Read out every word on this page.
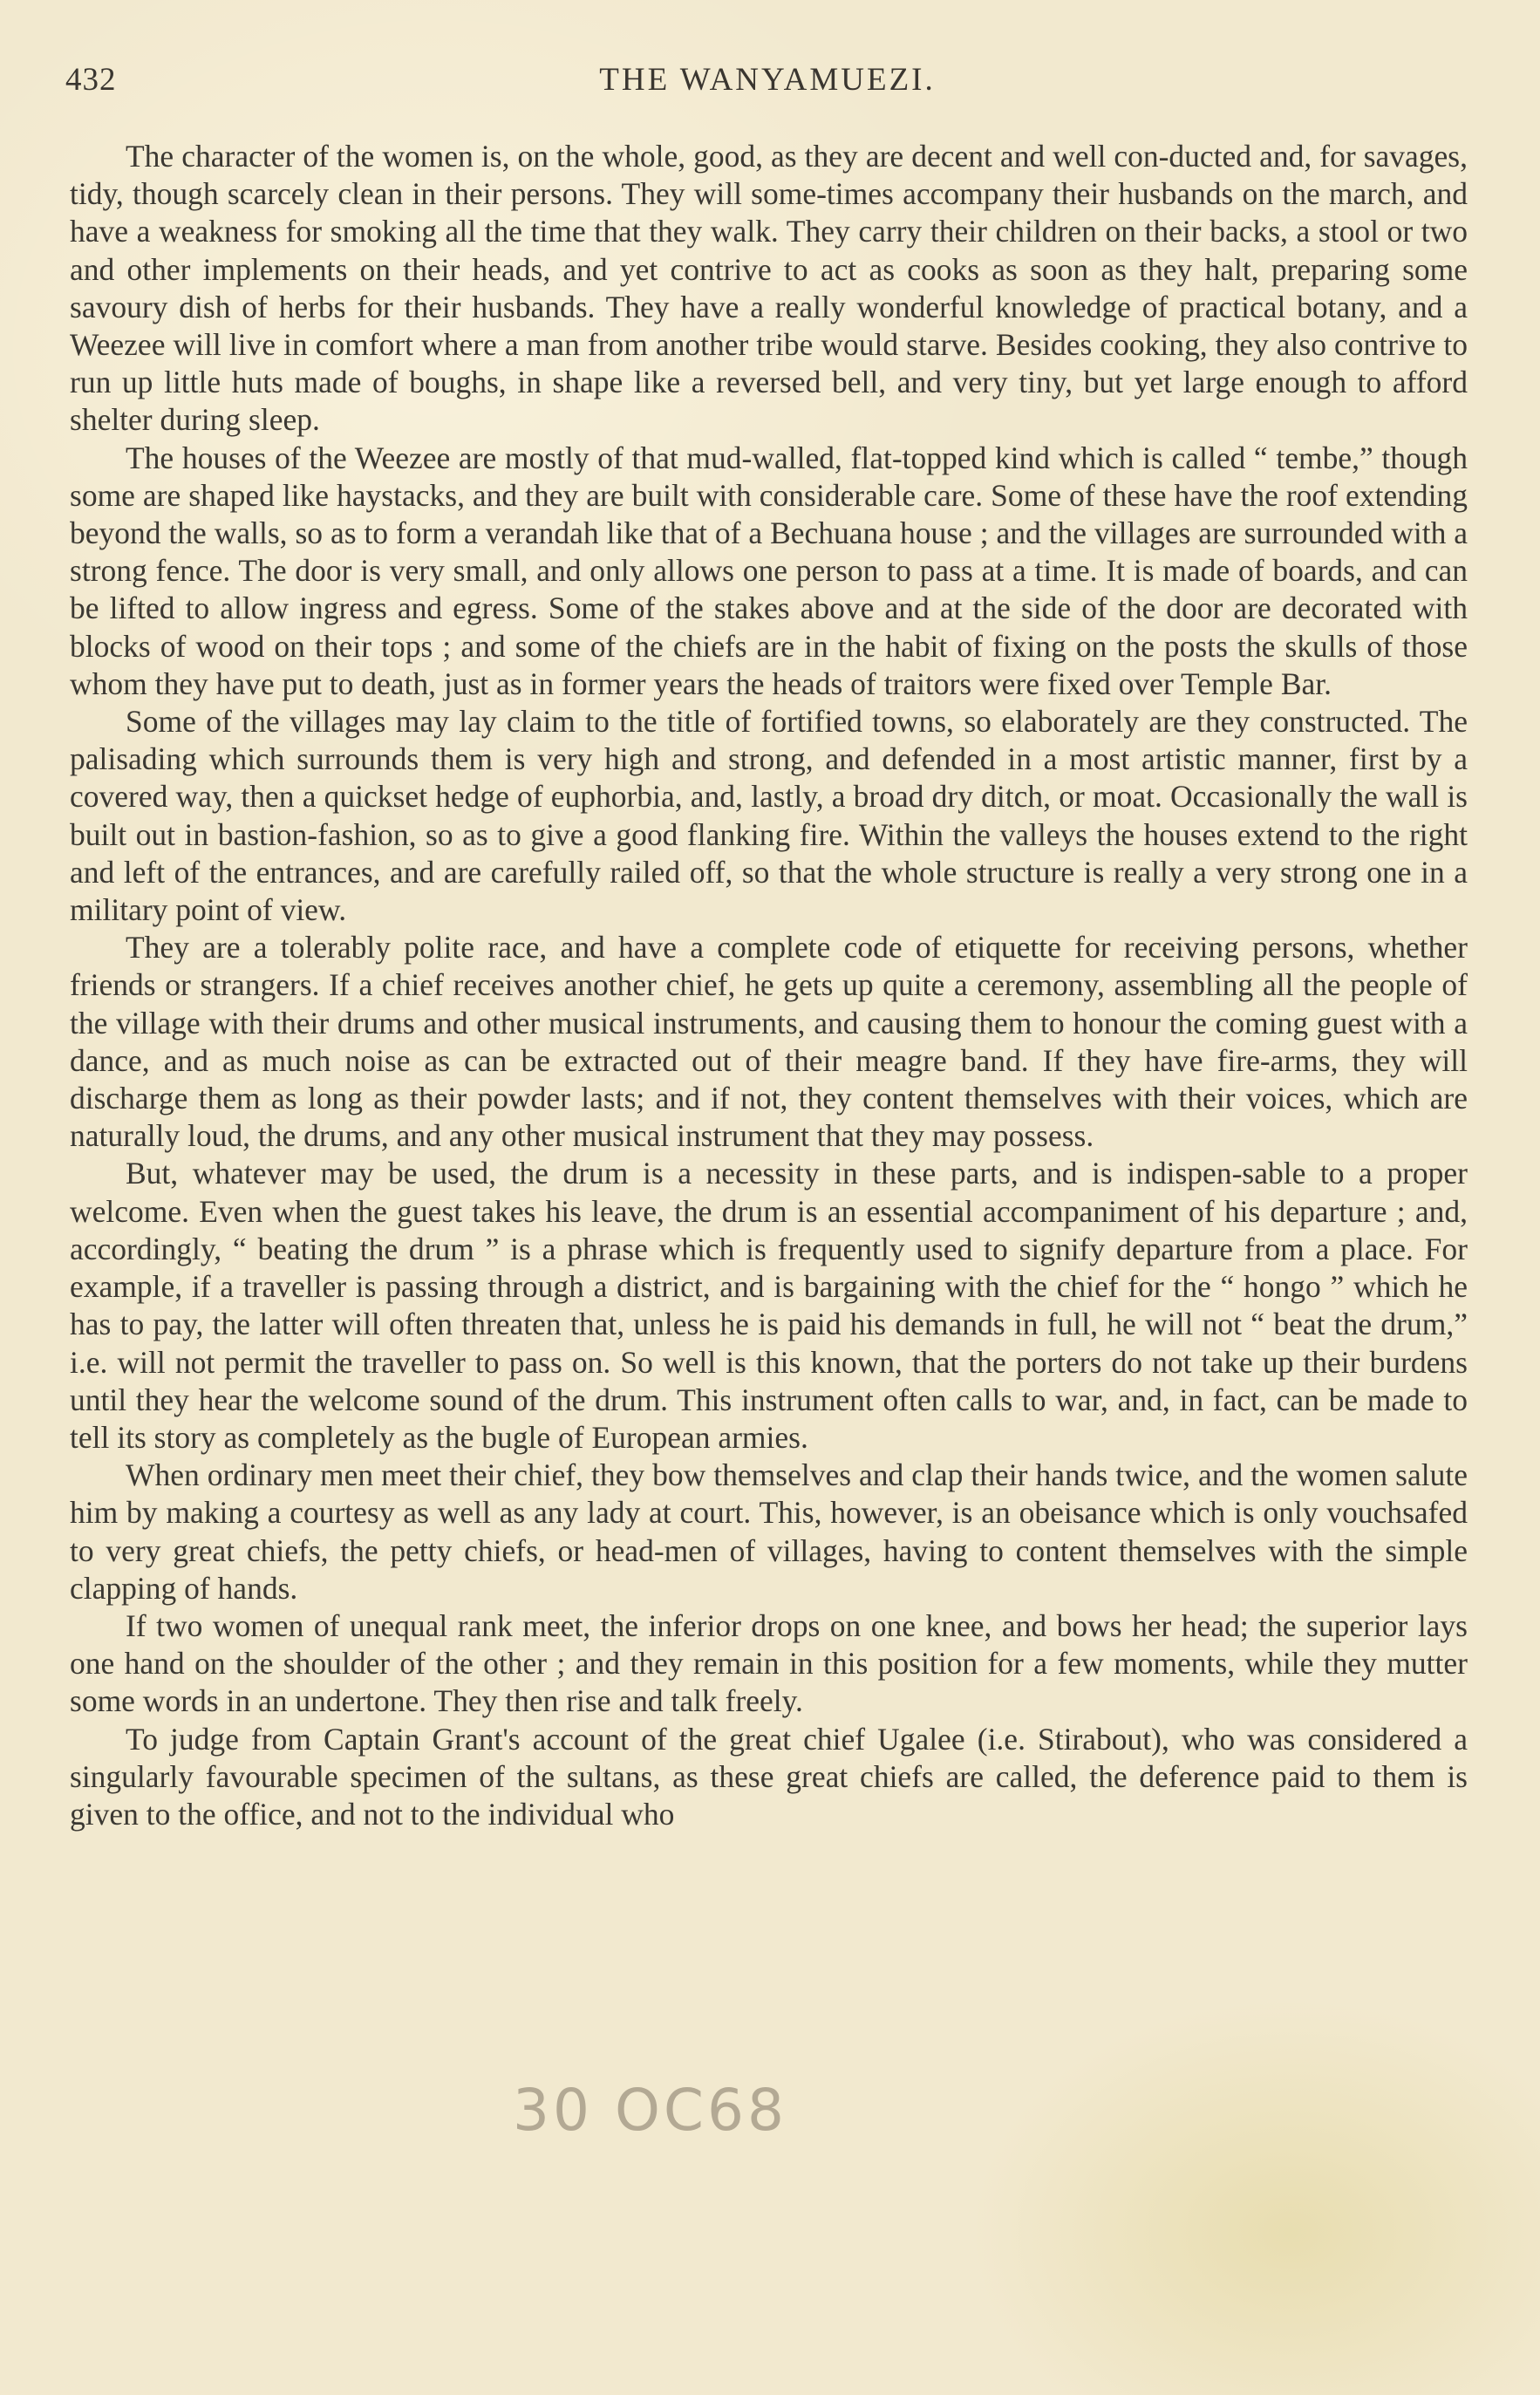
432	THE WANYAMUEZI.

The character of the women is, on the whole, good, as they are decent and well con-ducted and, for savages, tidy, though scarcely clean in their persons. They will some-times accompany their husbands on the march, and have a weakness for smoking all the time that they walk. They carry their children on their backs, a stool or two and other implements on their heads, and yet contrive to act as cooks as soon as they halt, preparing some savoury dish of herbs for their husbands. They have a really wonderful knowledge of practical botany, and a Weezee will live in comfort where a man from another tribe would starve. Besides cooking, they also contrive to run up little huts made of boughs, in shape like a reversed bell, and very tiny, but yet large enough to afford shelter during sleep.

The houses of the Weezee are mostly of that mud-walled, flat-topped kind which is called “ tembe,” though some are shaped like haystacks, and they are built with considerable care. Some of these have the roof extending beyond the walls, so as to form a verandah like that of a Bechuana house ; and the villages are surrounded with a strong fence. The door is very small, and only allows one person to pass at a time. It is made of boards, and can be lifted to allow ingress and egress. Some of the stakes above and at the side of the door are decorated with blocks of wood on their tops ; and some of the chiefs are in the habit of fixing on the posts the skulls of those whom they have put to death, just as in former years the heads of traitors were fixed over Temple Bar.

Some of the villages may lay claim to the title of fortified towns, so elaborately are they constructed. The palisading which surrounds them is very high and strong, and defended in a most artistic manner, first by a covered way, then a quickset hedge of euphorbia, and, lastly, a broad dry ditch, or moat. Occasionally the wall is built out in bastion-fashion, so as to give a good flanking fire. Within the valleys the houses extend to the right and left of the entrances, and are carefully railed off, so that the whole structure is really a very strong one in a military point of view.

They are a tolerably polite race, and have a complete code of etiquette for receiving persons, whether friends or strangers. If a chief receives another chief, he gets up quite a ceremony, assembling all the people of the village with their drums and other musical instruments, and causing them to honour the coming guest with a dance, and as much noise as can be extracted out of their meagre band. If they have fire-arms, they will discharge them as long as their powder lasts; and if not, they content themselves with their voices, which are naturally loud, the drums, and any other musical instrument that they may possess.

But, whatever may be used, the drum is a necessity in these parts, and is indispen-sable to a proper welcome. Even when the guest takes his leave, the drum is an essential accompaniment of his departure ; and, accordingly, “ beating the drum ” is a phrase which is frequently used to signify departure from a place. For example, if a traveller is passing through a district, and is bargaining with the chief for the “ hongo ” which he has to pay, the latter will often threaten that, unless he is paid his demands in full, he will not “ beat the drum,” i.e. will not permit the traveller to pass on. So well is this known, that the porters do not take up their burdens until they hear the welcome sound of the drum. This instrument often calls to war, and, in fact, can be made to tell its story as completely as the bugle of European armies.

When ordinary men meet their chief, they bow themselves and clap their hands twice, and the women salute him by making a courtesy as well as any lady at court. This, however, is an obeisance which is only vouchsafed to very great chiefs, the petty chiefs, or head-men of villages, having to content themselves with the simple clapping of hands.

If two women of unequal rank meet, the inferior drops on one knee, and bows her head; the superior lays one hand on the shoulder of the other ; and they remain in this position for a few moments, while they mutter some words in an undertone. They then rise and talk freely.

To judge from Captain Grant's account of the great chief Ugalee (i.e. Stirabout), who was considered a singularly favourable specimen of the sultans, as these great chiefs are called, the deference paid to them is given to the office, and not to the individual who

30 OC68
